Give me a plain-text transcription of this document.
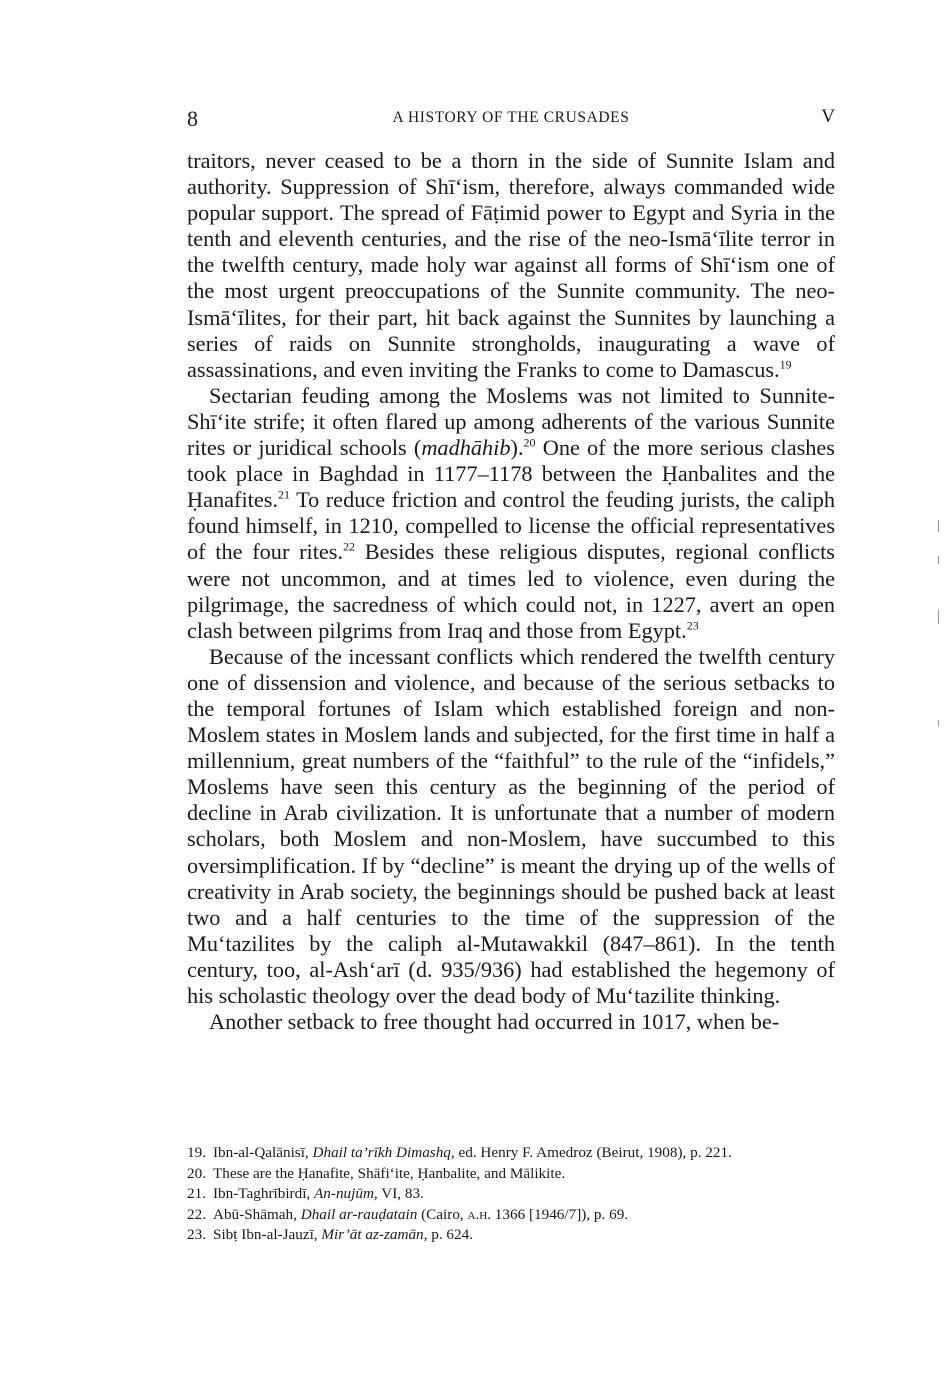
8	A HISTORY OF THE CRUSADES	V

traitors, never ceased to be a thorn in the side of Sunnite Islam and authority. Suppression of Shī‘ism, therefore, always commanded wide popular support. The spread of Fāṭimid power to Egypt and Syria in the tenth and eleventh centuries, and the rise of the neo-Ismā‘īlite terror in the twelfth century, made holy war against all forms of Shī‘ism one of the most urgent preoccupations of the Sunnite community. The neo-Ismā‘īlites, for their part, hit back against the Sunnites by launching a series of raids on Sunnite strongholds, inaugurating a wave of assassinations, and even inviting the Franks to come to Damascus.$^{19}$

Sectarian feuding among the Moslems was not limited to Sunnite-Shī‘ite strife; it often flared up among adherents of the various Sunnite rites or juridical schools (madhāhib).$^{20}$ One of the more serious clashes took place in Baghdad in 1177–1178 between the Ḥanbalites and the Ḥanafites.$^{21}$ To reduce friction and control the feuding jurists, the caliph found himself, in 1210, compelled to license the official representatives of the four rites.$^{22}$ Besides these religious disputes, regional conflicts were not uncommon, and at times led to violence, even during the pilgrimage, the sacredness of which could not, in 1227, avert an open clash between pilgrims from Iraq and those from Egypt.$^{23}$

Because of the incessant conflicts which rendered the twelfth century one of dissension and violence, and because of the serious setbacks to the temporal fortunes of Islam which established foreign and non-Moslem states in Moslem lands and subjected, for the first time in half a millennium, great numbers of the “faithful” to the rule of the “infidels,” Moslems have seen this century as the beginning of the period of decline in Arab civilization. It is unfortunate that a number of modern scholars, both Moslem and non-Moslem, have succumbed to this oversimplification. If by “decline” is meant the drying up of the wells of creativity in Arab society, the beginnings should be pushed back at least two and a half centuries to the time of the suppression of the Mu‘tazilites by the caliph al-Mutawakkil (847–861). In the tenth century, too, al-Ash‘arī (d. 935/936) had established the hegemony of his scholastic theology over the dead body of Mu‘tazilite thinking.

Another setback to free thought had occurred in 1017, when be-

19. Ibn-al-Qalānisī, Dhail ta’rīkh Dimashq, ed. Henry F. Amedroz (Beirut, 1908), p. 221.

20. These are the Ḥanafite, Shāfi‘ite, Ḥanbalite, and Mālikite.

21. Ibn-Taghrībirdī, An-nujūm, VI, 83.

22. Abū-Shāmah, Dhail ar-rauḍatain (Cairo, a.h. 1366 [1946/7]), p. 69.

23. Sibṭ Ibn-al-Jauzī, Mir’āt az-zamān, p. 624.
